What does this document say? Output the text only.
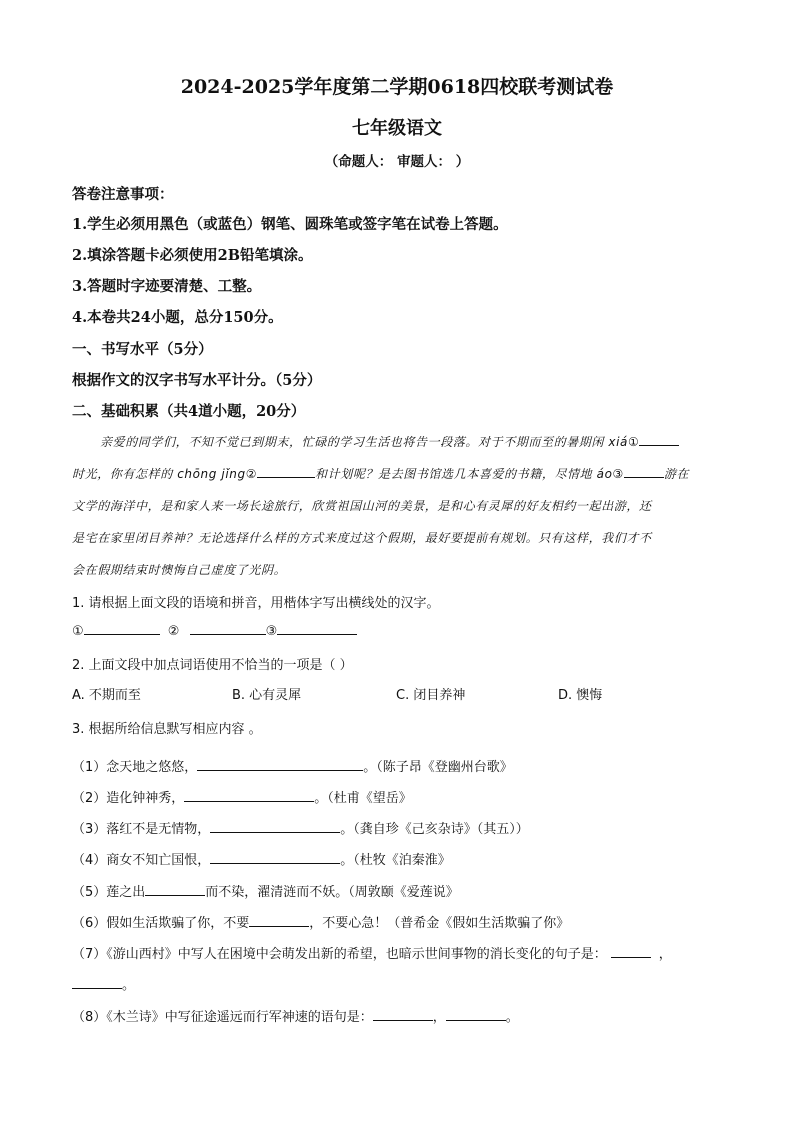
2024-2025学年度第二学期0618四校联考测试卷
七年级语文
（命题人： 审题人： ）
答卷注意事项：
1.学生必须用黑色（或蓝色）钢笔、圆珠笔或签字笔在试卷上答题。
2.填涂答题卡必须使用2B铅笔填涂。
3.答题时字迹要清楚、工整。
4.本卷共24小题，总分150分。
一、书写水平（5分）
根据作文的汉字书写水平计分。（5分）
二、基础积累（共4道小题，20分）
亲爱的同学们，不知不觉已到期末，忙碌的学习生活也将告一段落。对于不期而至的暑期闲 xiá①
时光，你有怎样的 chōng jǐng②	和计划呢？是去图书馆选几本喜爱的书籍，尽情地 áo③	游在
文学的海洋中，是和家人来一场长途旅行，欣赏祖国山河的美景，是和心有灵犀的好友相约一起出游，还
是宅在家里闭目养神？无论选择什么样的方式来度过这个假期，最好要提前有规划。只有这样，我们才不
会在假期结束时懊悔自己虚度了光阴。
1. 请根据上面文段的语境和拼音，用楷体字写出横线处的汉字。
①	②	③
2. 上面文段中加点词语使用不恰当的一项是（ ）
A. 不期而至	B. 心有灵犀	C. 闭目养神	D. 懊悔
3. 根据所给信息默写相应内容 。
（1）念天地之悠悠，	。（陈子昂《登幽州台歌》
（2）造化钟神秀，	。（杜甫《望岳》
（3）落红不是无情物，	。（龚自珍《己亥杂诗》（其五））
（4）商女不知亡国恨，	。（杜牧《泊秦淮》
（5）莲之出	而不染，濯清涟而不妖。（周敦颐《爱莲说》
（6）假如生活欺骗了你，不要	，不要心急！（普希金《假如生活欺骗了你》
（7）《游山西村》中写人在困境中会萌发出新的希望，也暗示世间事物的消长变化的句子是：	，
。
（8）《木兰诗》中写征途遥远而行军神速的语句是：	，	。
